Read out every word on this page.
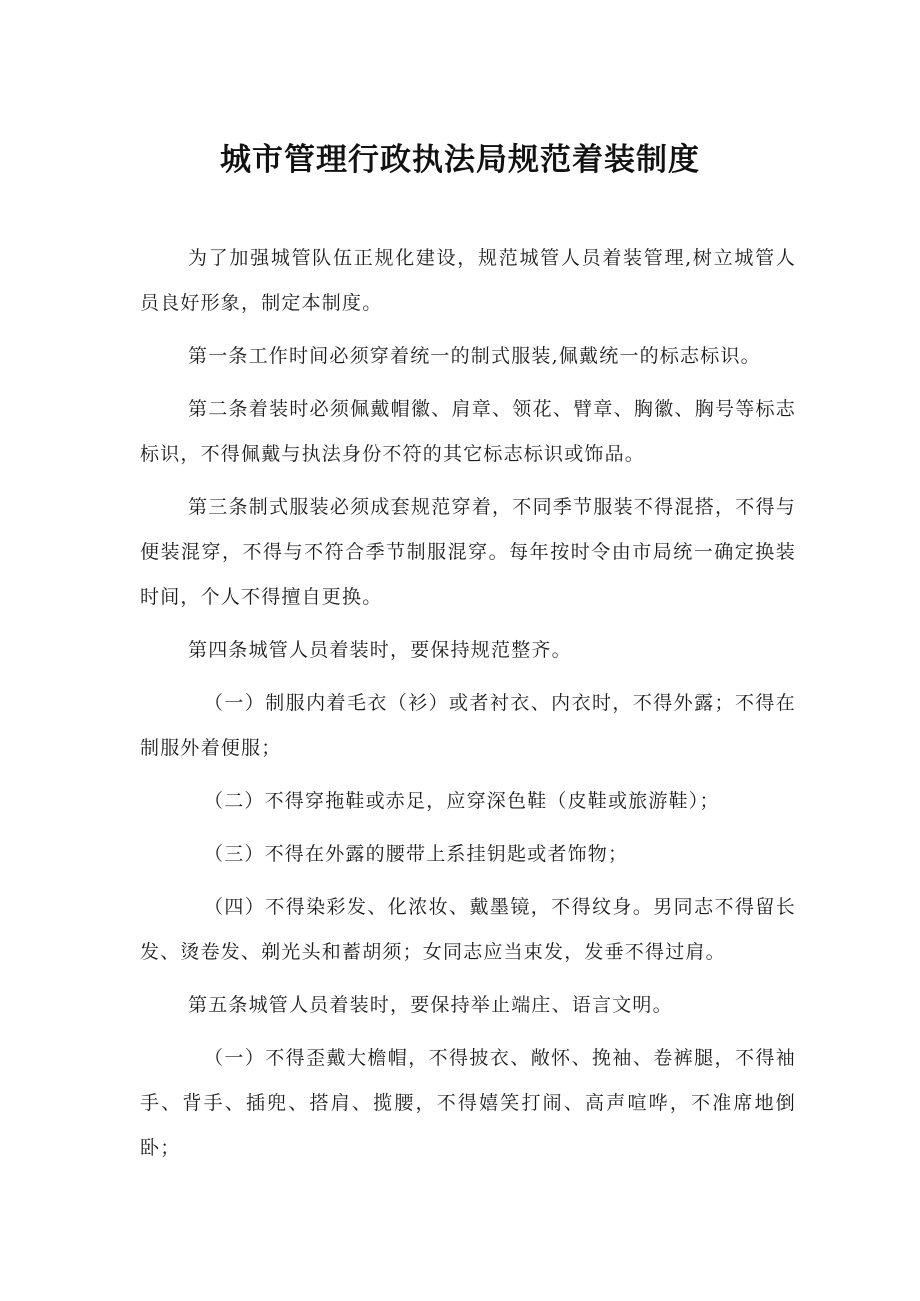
城市管理行政执法局规范着装制度

为了加强城管队伍正规化建设，规范城管人员着装管理,树立城管人员良好形象，制定本制度。

第一条工作时间必须穿着统一的制式服装,佩戴统一的标志标识。

第二条着装时必须佩戴帽徽、肩章、领花、臂章、胸徽、胸号等标志标识，不得佩戴与执法身份不符的其它标志标识或饰品。

第三条制式服装必须成套规范穿着，不同季节服装不得混搭，不得与便装混穿，不得与不符合季节制服混穿。每年按时令由市局统一确定换装时间，个人不得擅自更换。

第四条城管人员着装时，要保持规范整齐。

（一）制服内着毛衣（衫）或者衬衣、内衣时，不得外露；不得在制服外着便服；

（二）不得穿拖鞋或赤足，应穿深色鞋（皮鞋或旅游鞋）；

（三）不得在外露的腰带上系挂钥匙或者饰物；

（四）不得染彩发、化浓妆、戴墨镜，不得纹身。男同志不得留长发、烫卷发、剃光头和蓄胡须；女同志应当束发，发垂不得过肩。

第五条城管人员着装时，要保持举止端庄、语言文明。

（一）不得歪戴大檐帽，不得披衣、敞怀、挽袖、卷裤腿，不得袖手、背手、插兜、搭肩、揽腰，不得嬉笑打闹、高声喧哗，不准席地倒卧；
